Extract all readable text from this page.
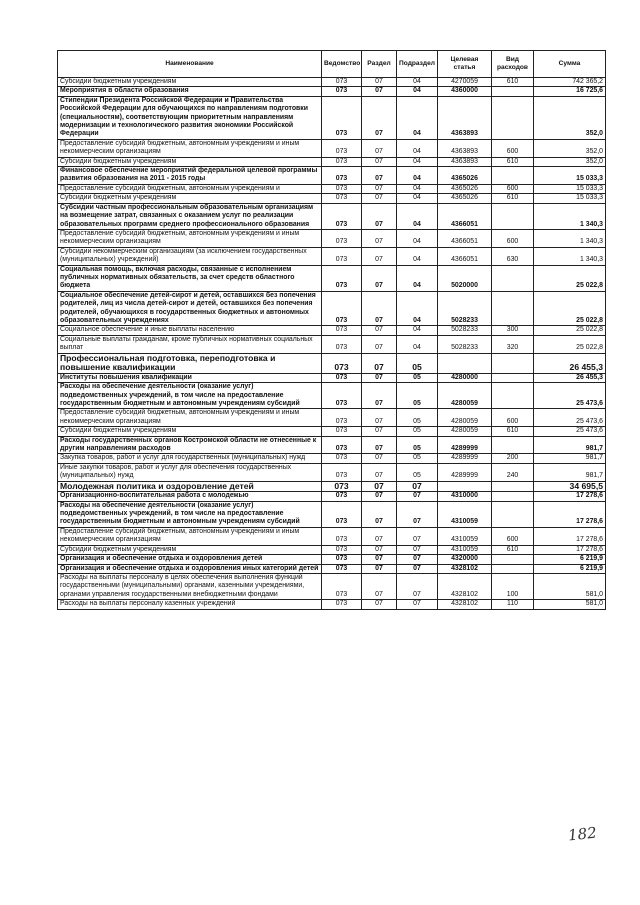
Наименование	Ведомство	Раздел	Подраздел	Целевая статья	Вид расходов	Сумма
Субсидии бюджетным учреждениям	073	07	04	4270059	610	742 365,2
Мероприятия в области образования	073	07	04	4360000		16 725,6
Стипендии Президента Российской Федерации и Правительства Российской Федерации для обучающихся по направлениям подготовки (специальностям), соответствующим приоритетным направлениям модернизации и технологического развития экономики Российской Федерации	073	07	04	4363893		352,0
Предоставление субсидий бюджетным, автономным учреждениям и иным некоммерческим организациям	073	07	04	4363893	600	352,0
Субсидии бюджетным учреждениям	073	07	04	4363893	610	352,0
Финансовое обеспечение мероприятий федеральной целевой программы развития образования на 2011 - 2015 годы	073	07	04	4365026		15 033,3
Предоставление субсидий бюджетным, автономным учреждениям и	073	07	04	4365026	600	15 033,3
Субсидии бюджетным учреждениям	073	07	04	4365026	610	15 033,3
Субсидии частным профессиональным образовательным организациям на возмещение затрат, связанных с оказанием услуг по реализации образовательных программ среднего профессионального образования	073	07	04	4366051		1 340,3
Предоставление субсидий бюджетным, автономным учреждениям и иным некоммерческим организациям	073	07	04	4366051	600	1 340,3
Субсидии некоммерческим организациям (за исключением государственных (муниципальных) учреждений)	073	07	04	4366051	630	1 340,3
Социальная помощь, включая расходы, связанные с исполнением публичных нормативных обязательств, за счет средств областного бюджета	073	07	04	5020000		25 022,8
Социальное обеспечение детей-сирот и детей, оставшихся без попечения родителей, лиц из числа детей-сирот и детей, оставшихся без попечения родителей, обучающихся в государственных бюджетных и автономных образовательных учреждениях	073	07	04	5028233		25 022,8
Социальное обеспечение и иные выплаты населению	073	07	04	5028233	300	25 022,8
Социальные выплаты гражданам, кроме публичных нормативных социальных выплат	073	07	04	5028233	320	25 022,8
Профессиональная подготовка, переподготовка и повышение квалификации	073	07	05			26 455,3
Институты повышения квалификации	073	07	05	4280000		26 455,3
Расходы на обеспечение деятельности (оказание услуг) подведомственных учреждений, в том числе на предоставление государственным бюджетным и автономным учреждениям субсидий	073	07	05	4280059		25 473,6
Предоставление субсидий бюджетным, автономным учреждениям и иным некоммерческим организациям	073	07	05	4280059	600	25 473,6
Субсидии бюджетным учреждениям	073	07	05	4280059	610	25 473,6
Расходы государственных органов Костромской области не отнесенные к другим направлениям расходов	073	07	05	4289999		981,7
Закупка товаров, работ и услуг для государственных (муниципальных) нужд	073	07	05	4289999	200	981,7
Иные закупки товаров, работ и услуг для обеспечения государственных (муниципальных) нужд	073	07	05	4289999	240	981,7
Молодежная политика и оздоровление детей	073	07	07			34 695,5
Организационно-воспитательная работа с молодежью	073	07	07	4310000		17 278,6
Расходы на обеспечение деятельности (оказание услуг) подведомственных учреждений, в том числе на предоставление государственным бюджетным и автономным учреждениям субсидий	073	07	07	4310059		17 278,6
Предоставление субсидий бюджетным, автономным учреждениям и иным некоммерческим организациям	073	07	07	4310059	600	17 278,6
Субсидии бюджетным учреждениям	073	07	07	4310059	610	17 278,6
Организация и обеспечение отдыха и оздоровления детей	073	07	07	4320000		6 219,9
Организация и обеспечение отдыха и оздоровления иных категорий детей	073	07	07	4328102		6 219,9
Расходы на выплаты персоналу в целях обеспечения выполнения функций государственными (муниципальными) органами, казенными учреждениями, органами управления государственными внебюджетными фондами	073	07	07	4328102	100	581,0
Расходы на выплаты персоналу казенных учреждений	073	07	07	4328102	110	581,0
182
